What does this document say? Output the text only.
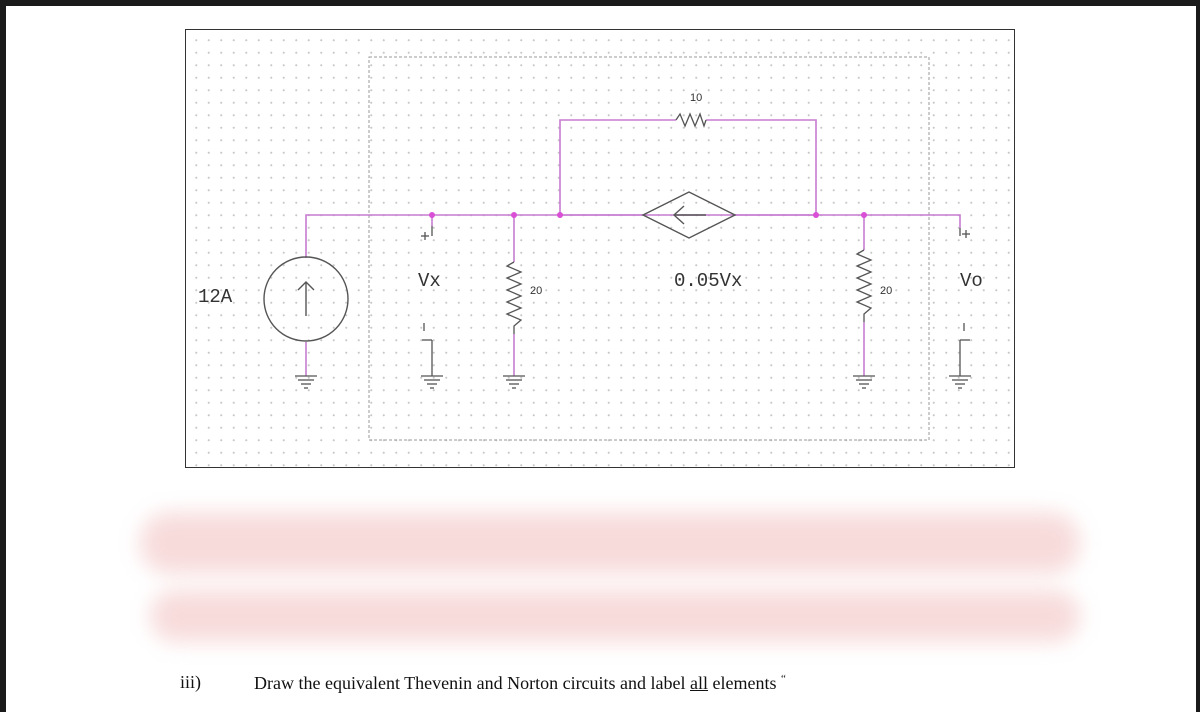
12A
10
20	20
0.05Vx
Vx	Vo
iii)	Draw the equivalent Thevenin and Norton circuits and label all elements “
